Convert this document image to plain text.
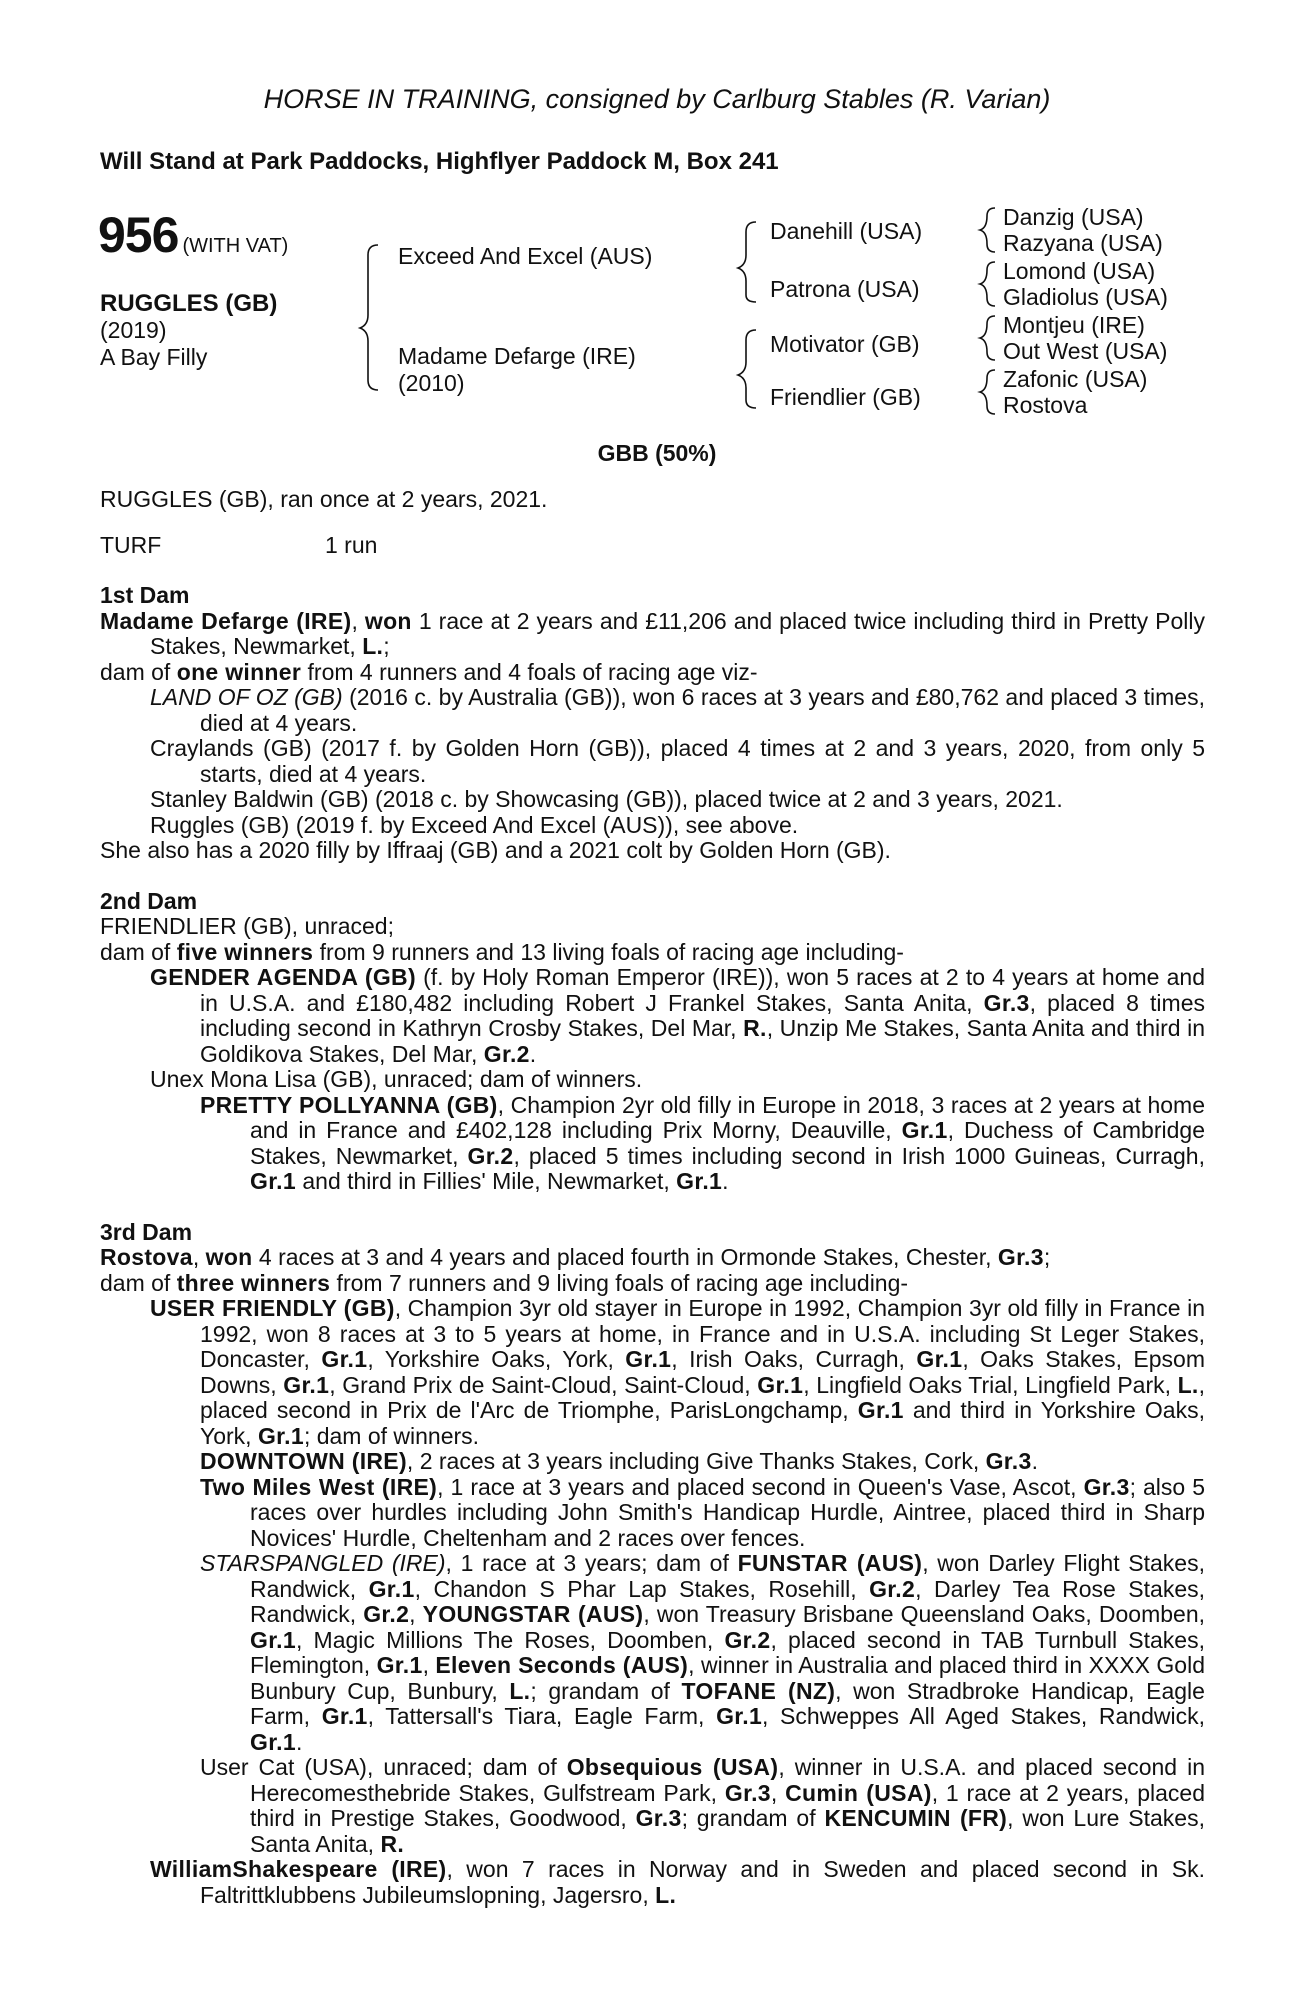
HORSE IN TRAINING, consigned by Carlburg Stables (R. Varian)
Will Stand at Park Paddocks, Highflyer Paddock M, Box 241
956 (WITH VAT)
RUGGLES (GB)
(2019)
A Bay Filly
Exceed And Excel (AUS)
Madame Defarge (IRE)
(2010)
Danehill (USA)
Patrona (USA)
Motivator (GB)
Friendlier (GB)
Danzig (USA)
Razyana (USA)
Lomond (USA)
Gladiolus (USA)
Montjeu (IRE)
Out West (USA)
Zafonic (USA)
Rostova
GBB (50%)

RUGGLES (GB), ran once at 2 years, 2021.

TURF	1 run

1st Dam

Madame Defarge (IRE), won 1 race at 2 years and £11,206 and placed twice including third in Pretty Polly Stakes, Newmarket, L.;

dam of one winner from 4 runners and 4 foals of racing age viz-

LAND OF OZ (GB) (2016 c. by Australia (GB)), won 6 races at 3 years and £80,762 and placed 3 times, died at 4 years.

Craylands (GB) (2017 f. by Golden Horn (GB)), placed 4 times at 2 and 3 years, 2020, from only 5 starts, died at 4 years.

Stanley Baldwin (GB) (2018 c. by Showcasing (GB)), placed twice at 2 and 3 years, 2021.

Ruggles (GB) (2019 f. by Exceed And Excel (AUS)), see above.

She also has a 2020 filly by Iffraaj (GB) and a 2021 colt by Golden Horn (GB).

2nd Dam

FRIENDLIER (GB), unraced;

dam of five winners from 9 runners and 13 living foals of racing age including-

GENDER AGENDA (GB) (f. by Holy Roman Emperor (IRE)), won 5 races at 2 to 4 years at home and in U.S.A. and £180,482 including Robert J Frankel Stakes, Santa Anita, Gr.3, placed 8 times including second in Kathryn Crosby Stakes, Del Mar, R., Unzip Me Stakes, Santa Anita and third in Goldikova Stakes, Del Mar, Gr.2.

Unex Mona Lisa (GB), unraced; dam of winners.

PRETTY POLLYANNA (GB), Champion 2yr old filly in Europe in 2018, 3 races at 2 years at home and in France and £402,128 including Prix Morny, Deauville, Gr.1, Duchess of Cambridge Stakes, Newmarket, Gr.2, placed 5 times including second in Irish 1000 Guineas, Curragh, Gr.1 and third in Fillies' Mile, Newmarket, Gr.1.

3rd Dam

Rostova, won 4 races at 3 and 4 years and placed fourth in Ormonde Stakes, Chester, Gr.3;

dam of three winners from 7 runners and 9 living foals of racing age including-

USER FRIENDLY (GB), Champion 3yr old stayer in Europe in 1992, Champion 3yr old filly in France in 1992, won 8 races at 3 to 5 years at home, in France and in U.S.A. including St Leger Stakes, Doncaster, Gr.1, Yorkshire Oaks, York, Gr.1, Irish Oaks, Curragh, Gr.1, Oaks Stakes, Epsom Downs, Gr.1, Grand Prix de Saint-Cloud, Saint-Cloud, Gr.1, Lingfield Oaks Trial, Lingfield Park, L., placed second in Prix de l'Arc de Triomphe, ParisLongchamp, Gr.1 and third in Yorkshire Oaks, York, Gr.1; dam of winners.

DOWNTOWN (IRE), 2 races at 3 years including Give Thanks Stakes, Cork, Gr.3.

Two Miles West (IRE), 1 race at 3 years and placed second in Queen's Vase, Ascot, Gr.3; also 5 races over hurdles including John Smith's Handicap Hurdle, Aintree, placed third in Sharp Novices' Hurdle, Cheltenham and 2 races over fences.

STARSPANGLED (IRE), 1 race at 3 years; dam of FUNSTAR (AUS), won Darley Flight Stakes, Randwick, Gr.1, Chandon S Phar Lap Stakes, Rosehill, Gr.2, Darley Tea Rose Stakes, Randwick, Gr.2, YOUNGSTAR (AUS), won Treasury Brisbane Queensland Oaks, Doomben, Gr.1, Magic Millions The Roses, Doomben, Gr.2, placed second in TAB Turnbull Stakes, Flemington, Gr.1, Eleven Seconds (AUS), winner in Australia and placed third in XXXX Gold Bunbury Cup, Bunbury, L.; grandam of TOFANE (NZ), won Stradbroke Handicap, Eagle Farm, Gr.1, Tattersall's Tiara, Eagle Farm, Gr.1, Schweppes All Aged Stakes, Randwick, Gr.1.

User Cat (USA), unraced; dam of Obsequious (USA), winner in U.S.A. and placed second in Herecomesthebride Stakes, Gulfstream Park, Gr.3, Cumin (USA), 1 race at 2 years, placed third in Prestige Stakes, Goodwood, Gr.3; grandam of KENCUMIN (FR), won Lure Stakes, Santa Anita, R.

WilliamShakespeare (IRE), won 7 races in Norway and in Sweden and placed second in Sk. Faltrittklubbens Jubileumslopning, Jagersro, L.
